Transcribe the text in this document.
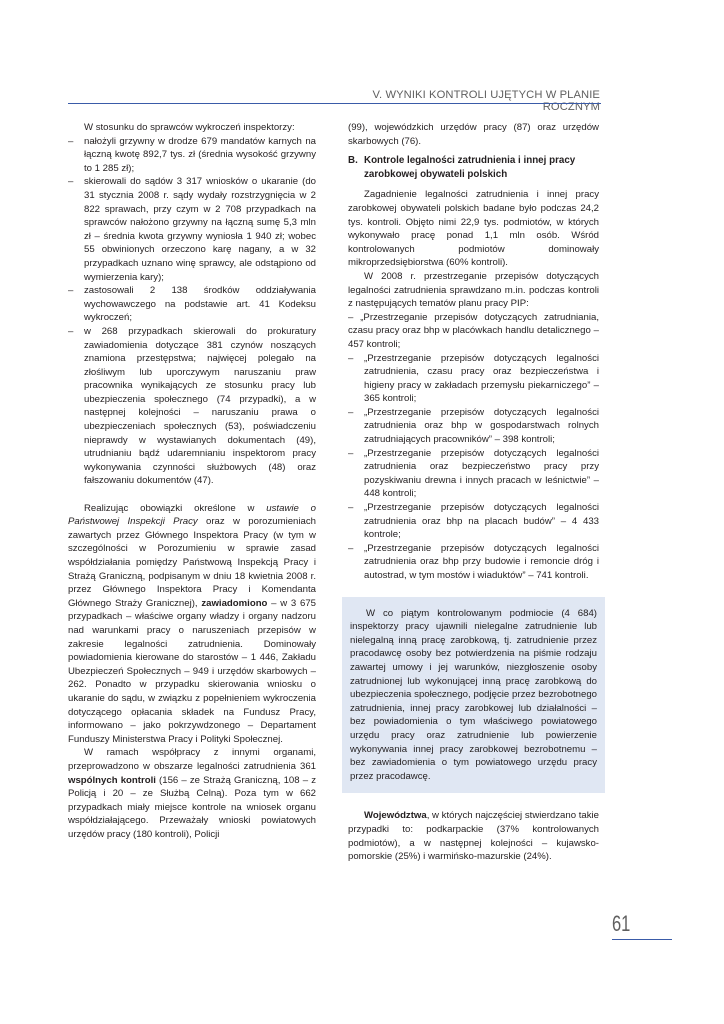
V. WYNIKI KONTROLI UJĘTYCH W PLANIE ROCZNYM

W stosunku do sprawców wykroczeń inspektorzy:

– nałożyli grzywny w drodze 679 mandatów karnych na łączną kwotę 892,7 tys. zł (średnia wysokość grzywny to 1 285 zł);
– skierowali do sądów 3 317 wniosków o ukaranie (do 31 stycznia 2008 r. sądy wydały rozstrzygnięcia w 2 822 sprawach, przy czym w 2 708 przypadkach na sprawców nałożono grzywny na łączną sumę 5,3 mln zł – średnia kwota grzywny wyniosła 1 940 zł; wobec 55 obwinionych orzeczono karę nagany, a w 32 przypadkach uznano winę sprawcy, ale odstąpiono od wymierzenia kary);
– zastosowali 2 138 środków oddziaływania wychowawczego na podstawie art. 41 Kodeksu wykroczeń;
– w 268 przypadkach skierowali do prokuratury zawiadomienia dotyczące 381 czynów noszących znamiona przestępstwa; najwięcej polegało na złośliwym lub uporczywym naruszaniu praw pracownika wynikających ze stosunku pracy lub ubezpieczenia społecznego (74 przypadki), a w następnej kolejności – naruszaniu prawa o ubezpieczeniach społecznych (53), poświadczeniu nieprawdy w wystawianych dokumentach (49), utrudnianiu bądź udaremnianiu inspektorom pracy wykonywania czynności służbowych (48) oraz fałszowaniu dokumentów (47).

Realizując obowiązki określone w ustawie o Państwowej Inspekcji Pracy oraz w porozumieniach zawartych przez Głównego Inspektora Pracy (w tym w szczególności w Porozumieniu w sprawie zasad współdziałania pomiędzy Państwową Inspekcją Pracy i Strażą Graniczną, podpisanym w dniu 18 kwietnia 2008 r. przez Głównego Inspektora Pracy i Komendanta Głównego Straży Granicznej), zawiadomiono – w 3 675 przypadkach – właściwe organy władzy i organy nadzoru nad warunkami pracy o naruszeniach przepisów w zakresie legalności zatrudnienia. Dominowały powiadomienia kierowane do starostów – 1 446, Zakładu Ubezpieczeń Społecznych – 949 i urzędów skarbowych – 262. Ponadto w przypadku skierowania wniosku o ukaranie do sądu, w związku z popełnieniem wykroczenia dotyczącego opłacania składek na Fundusz Pracy, informowano – jako pokrzywdzonego – Departament Funduszy Ministerstwa Pracy i Polityki Społecznej.

W ramach współpracy z innymi organami, przeprowadzono w obszarze legalności zatrudnienia 361 wspólnych kontroli (156 – ze Strażą Graniczną, 108 – z Policją i 20 – ze Służbą Celną). Poza tym w 662 przypadkach miały miejsce kontrole na wniosek organu współdziałającego. Przeważały wnioski powiatowych urzędów pracy (180 kontroli), Policji

(99), wojewódzkich urzędów pracy (87) oraz urzędów skarbowych (76).

B. Kontrole legalności zatrudnienia i innej pracy zarobkowej obywateli polskich

Zagadnienie legalności zatrudnienia i innej pracy zarobkowej obywateli polskich badane było podczas 24,2 tys. kontroli. Objęto nimi 22,9 tys. podmiotów, w których wykonywało pracę ponad 1,1 mln osób. Wśród kontrolowanych podmiotów dominowały mikroprzedsiębiorstwa (60% kontroli).

W 2008 r. przestrzeganie przepisów dotyczących legalności zatrudnienia sprawdzano m.in. podczas kontroli z następujących tematów planu pracy PIP:

– „Przestrzeganie przepisów dotyczących zatrudniania, czasu pracy oraz bhp w placówkach handlu detalicznego – 457 kontroli;

– „Przestrzeganie przepisów dotyczących legalności zatrudnienia, czasu pracy oraz bezpieczeństwa i higieny pracy w zakładach przemysłu piekarniczego” – 365 kontroli;
– „Przestrzeganie przepisów dotyczących legalności zatrudnienia oraz bhp w gospodarstwach rolnych zatrudniających pracowników” – 398 kontroli;
– „Przestrzeganie przepisów dotyczących legalności zatrudnienia oraz bezpieczeństwo pracy przy pozyskiwaniu drewna i innych pracach w leśnictwie” – 448 kontroli;
– „Przestrzeganie przepisów dotyczących legalności zatrudnienia oraz bhp na placach budów” – 4 433 kontrole;
– „Przestrzeganie przepisów dotyczących legalności zatrudnienia oraz bhp przy budowie i remoncie dróg i autostrad, w tym mostów i wiaduktów” – 741 kontroli.

W co piątym kontrolowanym podmiocie (4 684) inspektorzy pracy ujawnili nielegalne zatrudnienie lub nielegalną inną pracę zarobkową, tj. zatrudnienie przez pracodawcę osoby bez potwierdzenia na piśmie rodzaju zawartej umowy i jej warunków, niezgłoszenie osoby zatrudnionej lub wykonującej inną pracę zarobkową do ubezpieczenia społecznego, podjęcie przez bezrobotnego zatrudnienia, innej pracy zarobkowej lub działalności – bez powiadomienia o tym właściwego powiatowego urzędu pracy oraz zatrudnienie lub powierzenie wykonywania innej pracy zarobkowej bezrobotnemu – bez zawiadomienia o tym powiatowego urzędu pracy przez pracodawcę.

Województwa, w których najczęściej stwierdzano takie przypadki to: podkarpackie (37% kontrolowanych podmiotów), a w następnej kolejności – kujawsko-pomorskie (25%) i warmińsko-mazurskie (24%).

61
